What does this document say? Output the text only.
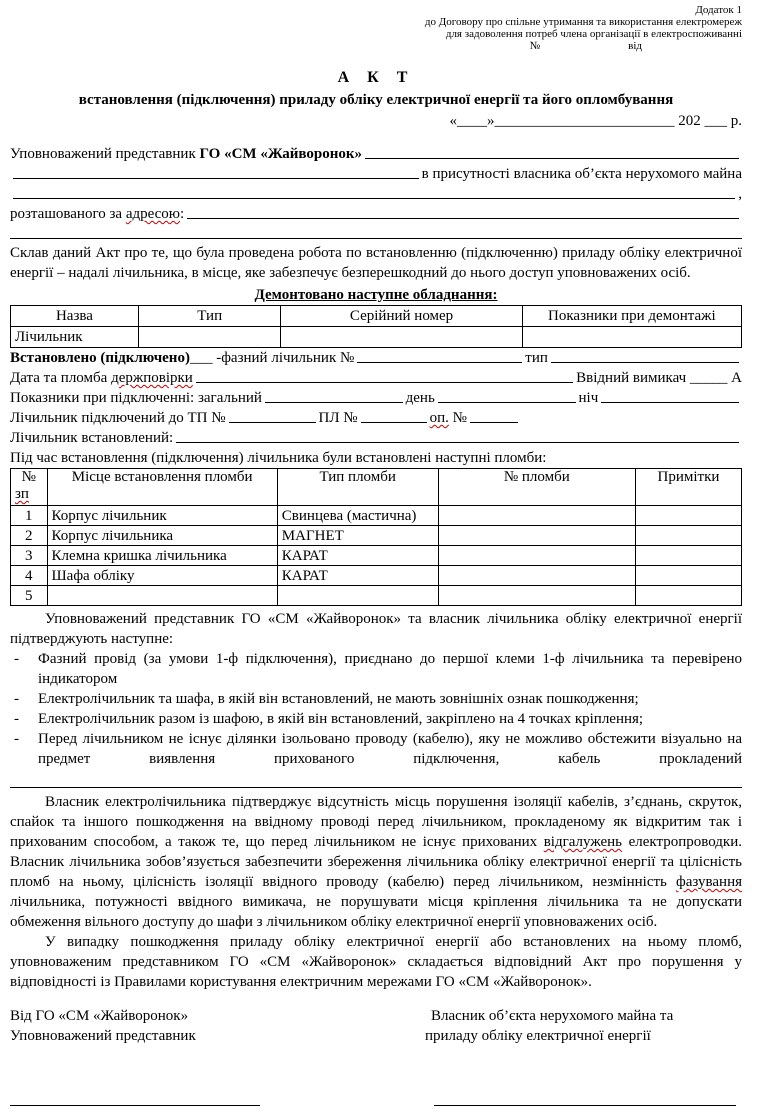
Додаток 1
до Договору про спільне утримання та використання електромереж
для задоволення потреб члена організації в електроспоживанні
№	від
А К Т
встановлення (підключення) приладу обліку електричної енергії та його опломбування
«____»________________________ 202 ___ р.
Уповноважений представник ГО «СМ «Жайворонок»
в присутності власника об’єкта нерухомого майна
,
розташованого за адресою:

Склав даний Акт про те, що була проведена робота по встановленню (підключенню) приладу обліку електричної енергії – надалі лічильника, в місце, яке забезпечує безперешкодний до нього доступ уповноважених осіб.

Демонтовано наступне обладнання:
Назва	Тип	Серійний номер	Показники при демонтажі
Лічильник			
Встановлено (підключено) ___ -фазний лічильник №	тип
Дата та пломба держповірки	Ввідний вимикач _____ А
Показники при підключенні: загальний	день	ніч
Лічильник підключений до ТП №	ПЛ №	оп. №
Лічильник встановлений:
Під час встановлення (підключення) лічильника були встановлені наступні пломби:
№
зп	Місце встановлення пломби	Тип пломби	№ пломби	Примітки
1	Корпус лічильник	Свинцева (мастична)		
2	Корпус лічильника	МАГНЕТ		
3	Клемна кришка лічильника	КАРАТ		
4	Шафа обліку	КАРАТ		
5				

Уповноважений представник ГО «СМ «Жайворонок» та власник лічильника обліку електричної енергії підтверджують наступне:

-	Фазний провід (за умови 1-ф підключення), приєднано до першої клеми 1-ф лічильника та перевірено індикатором
-	Електролічильник та шафа, в якій він встановлений, не мають зовнішніх ознак пошкодження;
-	Електролічильник разом із шафою, в якій він встановлений, закріплено на 4 точках кріплення;
-	Перед лічильником не існує ділянки ізольовано проводу (кабелю), яку не можливо обстежити візуально на предмет виявлення прихованого підключення, кабель прокладений

Власник електролічильника підтверджує відсутність місць порушення ізоляції кабелів, з’єднань, скруток, спайок та іншого пошкодження на ввідному проводі перед лічильником, прокладеному як відкритим так і прихованим способом, а також те, що перед лічильником не існує прихованих відгалужень електропроводки. Власник лічильника зобов’язується забезпечити збереження лічильника обліку електричної енергії та цілісність пломб на ньому, цілісність ізоляції ввідного проводу (кабелю) перед лічильником, незмінність фазування лічильника, потужності ввідного вимикача, не порушувати місця кріплення лічильника та не допускати обмеження вільного доступу до шафи з лічильником обліку електричної енергії уповноважених осіб.

У випадку пошкодження приладу обліку електричної енергії або встановлених на ньому пломб, уповноваженим представником ГО «СМ «Жайворонок» складається відповідний Акт про порушення у відповідності із Правилами користування електричним мережами ГО «СМ «Жайворонок».

Від ГО «СМ «Жайворонок»
Уповноважений представник
Власник об’єкта нерухомого майна та
приладу обліку електричної енергії
